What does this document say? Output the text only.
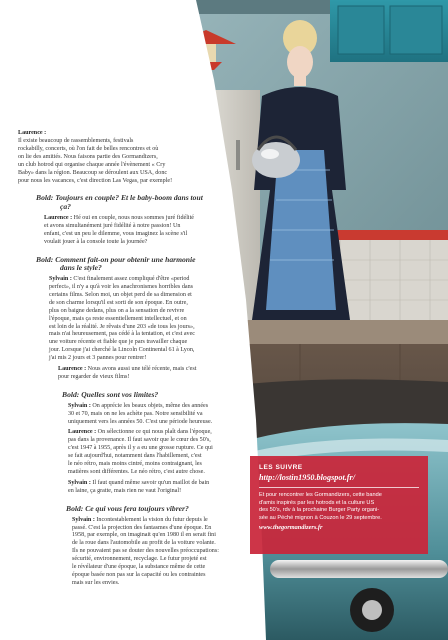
Laurence :
Il existe beaucoup de rassemblements, festivals
rockabilly, concerts, où l'on fait de belles rencontres et où
on lie des amitiés. Nous faisons partie des Gormandizers,
un club hotrod qui organise chaque année l'évènement « Cry
Baby» dans la région. Beaucoup se déroulent aux USA, donc
pour nous les vacances, c'est direction Las Vegas, par exemple!

Bold: Toujours en couple? Et le baby-boom dans tout
ça?

Laurence : Hé oui en couple, nous nous sommes juré fidélité
et avons simultanément juré fidélité à notre passion! Un
enfant, c'est un peu le dilemme, vous imaginez la scène s'il
voulait jouer à la console toute la journée?

Bold: Comment fait-on pour obtenir une harmonie
dans le style?

Sylvain : C'est finalement assez compliqué d'être «period
perfect», il n'y a qu'à voir les anachronismes horribles dans
certains films. Selon moi, un objet perd de sa dimension et
de son charme lorsqu'il est sorti de son époque. En outre,
plus on baigne dedans, plus on a la sensation de revivre
l'époque, mais ça reste essentiellement intellectuel, et on
est loin de la réalité. Je rêvais d'une 203 «de tous les jours»,
mais n'ai heureusement, pas cédé à la tentation, et c'est avec
une voiture récente et fiable que je pars travailler chaque
jour. Lorsque j'ai cherché la Lincoln Continental 61 à Lyon,
j'ai mis 2 jours et 3 pannes pour rentrer!

Laurence : Nous avons aussi une télé récente, mais c'est
pour regarder de vieux films!

Bold: Quelles sont vos limites?

Sylvain : On apprécie les beaux objets, même des années
30 et 70, mais on ne les achète pas. Notre sensibilité va
uniquement vers les années 50. C'est une période heureuse.

Laurence : On sélectionne ce qui nous plaît dans l'époque,
pas dans la provenance. Il faut savoir que le cœur des 50's,
c'est 1947 à 1955, après il y a eu une grosse rupture. Ce qui
se fait aujourd'hui, notamment dans l'habillement, c'est
le néo rétro, mais moins cintré, moins contraignant, les
matières sont différentes. Le néo rétro, c'est autre chose.

Sylvain : Il faut quand même savoir qu'un maillot de bain
en laine, ça gratte, mais rien ne vaut l'original!

Bold: Ce qui vous fera toujours vibrer?

Sylvain : Incontestablement la vision du futur depuis le
passé. C'est la projection des fantasmes d'une époque. En
1958, par exemple, on imaginait qu'en 1980 il en serait fini
de la roue dans l'automobile au profit de la voiture volante.
Ils ne pouvaient pas se douter des nouvelles préoccupations:
sécurité, environnement, recyclage. Le futur projeté est
le révélateur d'une époque, la substance même de cette
époque basée non pas sur la capacité ou les contraintes
mais sur les envies.

LES SUIVRE
http://lostin1950.blogspot.fr/
Et pour rencontrer les Gormandizers, cette bande
d'amis inspirés par les hotrods et la culture US
des 50's, rdv à la prochaine Burger Party organi-
sée au Péché mignon à Couzon le 29 septembre.
www.thegormandizers.fr
